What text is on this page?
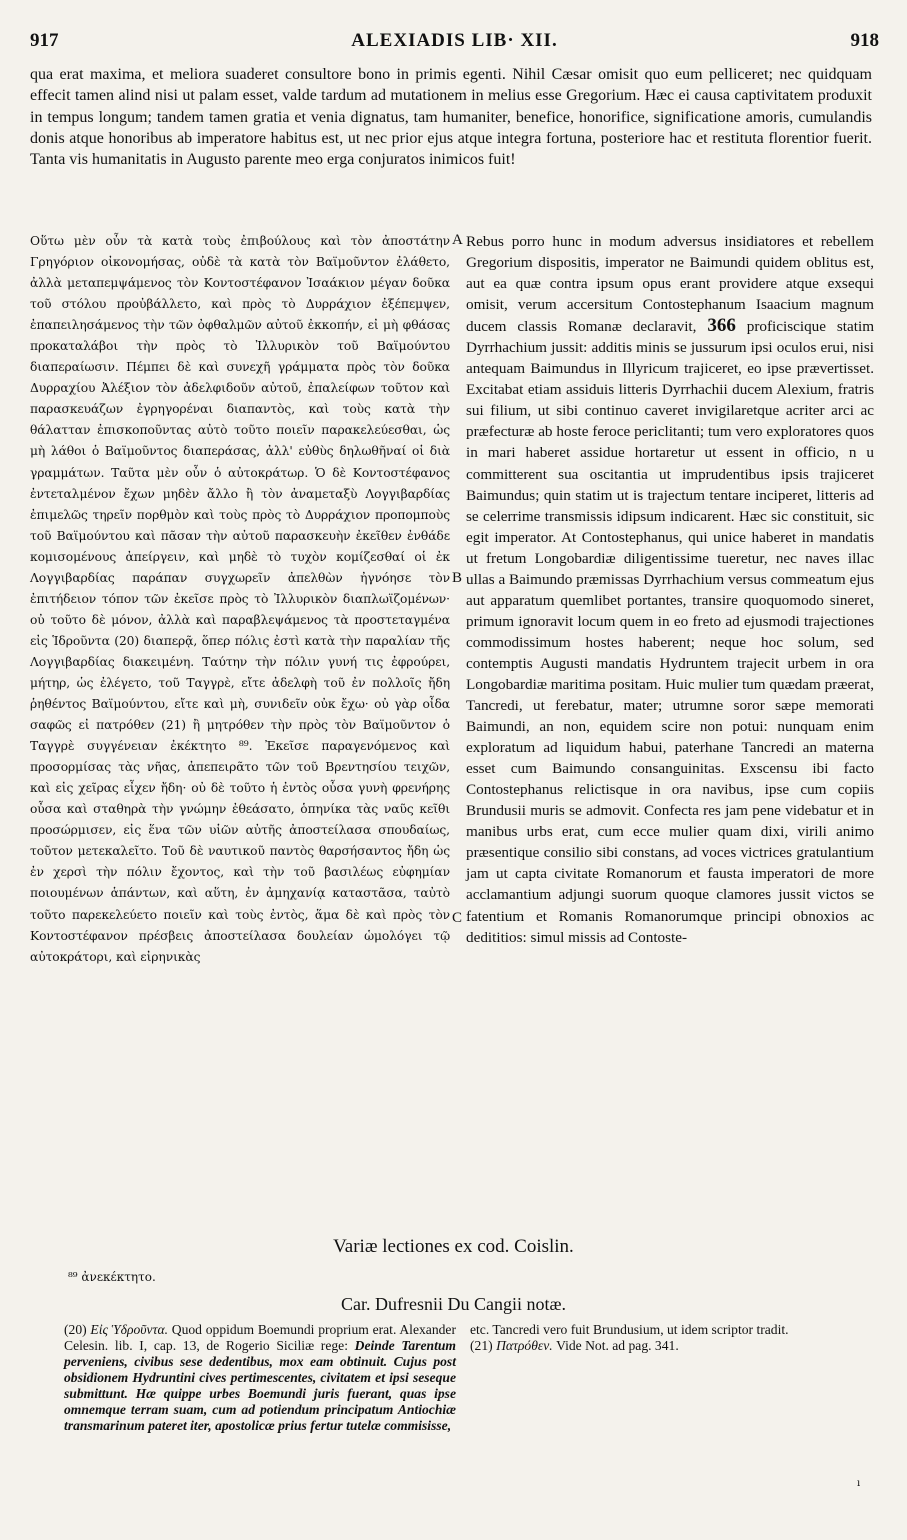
917	ALEXIADIS LIB· XII.	918
qua erat maxima, et meliora suaderet consultore bono in primis egenti. Nihil Cæsar omisit quo eum pelliceret; nec quidquam effecit tamen alind nisi ut palam esset, valde tardum ad mutationem in melius esse Gregorium. Hæc ei causa captivitatem produxit in tempus longum; tandem tamen gratia et venia dignatus, tam humaniter, benefice, honorifice, significatione amoris, cumulandis donis atque honoribus ab imperatore habitus est, ut nec prior ejus atque integra fortuna, posteriore hac et restituta florentior fuerit. Tanta vis humanitatis in Augusto parente meo erga conjuratos inimicos fuit!
Οὕτω μὲν οὖν τὰ κατὰ τοὺς ἐπιβούλους καὶ τὸν ἀποστάτην Γρηγόριον οἰκονομήσας, οὐδὲ τὰ κατὰ τὸν Βαϊμοῦντον ἐλάθετο, ἀλλὰ μεταπεμψάμενος τὸν Κοντοστέφανον Ἰσαάκιον μέγαν δοῦκα τοῦ στόλου προὐβάλλετο, καὶ πρὸς τὸ Δυρράχιον ἐξέπεμψεν, ἐπαπειλησάμενος τὴν τῶν ὀφθαλμῶν αὐτοῦ ἐκκοπήν, εἰ μὴ φθάσας προκαταλάβοι τὴν πρὸς τὸ Ἰλλυρικὸν τοῦ Βαϊμούντου διαπεραίωσιν. Πέμπει δὲ καὶ συνεχῆ γράμματα πρὸς τὸν δοῦκα Δυρραχίου Ἀλέξιον τὸν ἀδελφιδοῦν αὐτοῦ, ἐπαλείφων τοῦτον καὶ παρασκευάζων ἐγρηγορέναι διαπαντὸς, καὶ τοὺς κατὰ τὴν θάλατταν ἐπισκοποῦντας αὐτὸ τοῦτο ποιεῖν παρακελεύεσθαι, ὡς μὴ λάθοι ὁ Βαϊμοῦντος διαπεράσας, ἀλλ' εὐθὺς δηλωθῆναί οἱ διὰ γραμμάτων. Ταῦτα μὲν οὖν ὁ αὐτοκράτωρ. Ὁ δὲ Κοντοστέφανος ἐντεταλμένον ἔχων μηδὲν ἄλλο ἢ τὸν ἀναμεταξὺ Λογγιβαρδίας ἐπιμελῶς τηρεῖν πορθμὸν καὶ τοὺς πρὸς τὸ Δυρράχιον προπομποὺς τοῦ Βαϊμούντου καὶ πᾶσαν τὴν αὐτοῦ παρασκευὴν ἐκεῖθεν ἐνθάδε κομισομένους ἀπείργειν, καὶ μηδὲ τὸ τυχὸν κομίζεσθαί οἱ ἐκ Λογγιβαρδίας παράπαν συγχωρεῖν ἀπελθὼν ἠγνόησε τὸν ἐπιτήδειον τόπον τῶν ἐκεῖσε πρὸς τὸ Ἰλλυρικὸν διαπλωϊζομένων· οὐ τοῦτο δὲ μόνον, ἀλλὰ καὶ παραβλεψάμενος τὰ προστεταγμένα εἰς Ἱδροῦντα (20) διαπερᾷ, ὅπερ πόλις ἐστὶ κατὰ τὴν παραλίαν τῆς Λογγιβαρδίας διακειμένη. Ταύτην τὴν πόλιν γυνή τις ἐφρούρει, μήτηρ, ὡς ἐλέγετο, τοῦ Ταγγρὲ, εἴτε ἀδελφὴ τοῦ ἐν πολλοῖς ἤδη ῥηθέντος Βαϊμούντου, εἴτε καὶ μὴ, συνιδεῖν οὐκ ἔχω· οὐ γὰρ οἶδα σαφῶς εἰ πατρόθεν (21) ἢ μητρόθεν τὴν πρὸς τὸν Βαϊμοῦντον ὁ Ταγγρὲ συγγένειαν ἐκέκτητο ⁸⁹. Ἐκεῖσε παραγενόμενος καὶ προσορμίσας τὰς νῆας, ἀπεπειρᾶτο τῶν τοῦ Βρεντησίου τειχῶν, καὶ εἰς χεῖρας εἶχεν ἤδη· οὐ δὲ τοῦτο ἡ ἐντὸς οὖσα γυνὴ φρενήρης οὖσα καὶ σταθηρὰ τὴν γνώμην ἐθεάσατο, ὁπηνίκα τὰς ναῦς κεῖθι προσώρμισεν, εἰς ἕνα τῶν υἱῶν αὐτῆς ἀποστείλασα σπουδαίως, τοῦτον μετεκαλεῖτο. Τοῦ δὲ ναυτικοῦ παντὸς θαρσήσαντος ἤδη ὡς ἐν χερσὶ τὴν πόλιν ἔχοντος, καὶ τὴν τοῦ βασιλέως εὐφημίαν ποιουμένων ἁπάντων, καὶ αὕτη, ἐν ἀμηχανίᾳ καταστᾶσα, ταὐτὸ τοῦτο παρεκελεύετο ποιεῖν καὶ τοὺς ἐντὸς, ἅμα δὲ καὶ πρὸς τὸν Κοντοστέφανον πρέσβεις ἀποστείλασα δουλείαν ὡμολόγει τῷ αὐτοκράτορι, καὶ εἰρηνικὰς
A
B
C
Rebus porro hunc in modum adversus insidiatores et rebellem Gregorium dispositis, imperator ne Baimundi quidem oblitus est, aut ea quæ contra ipsum opus erant providere atque exsequi omisit, verum accersitum Contostephanum Isaacium magnum ducem classis Romanæ declaravit, 366 proficiscique statim Dyrrhachium jussit: additis minis se jussurum ipsi oculos erui, nisi antequam Baimundus in Illyricum trajiceret, eo ipse prævertisset. Excitabat etiam assiduis litteris Dyrrhachii ducem Alexium, fratris sui filium, ut sibi continuo caveret invigilaretque acriter arci ac præfecturæ ab hoste feroce periclitanti; tum vero exploratores quos in mari haberet assidue hortaretur ut essent in officio, n u committerent sua oscitantia ut imprudentibus ipsis trajiceret Baimundus; quin statim ut is trajectum tentare inciperet, litteris ad se celerrime transmissis idipsum indicarent. Hæc sic constituit, sic egit imperator. At Contostephanus, qui unice haberet in mandatis ut fretum Longobardiæ diligentissime tueretur, nec naves illac ullas a Baimundo præmissas Dyrrhachium versus commeatum ejus aut apparatum quemlibet portantes, transire quoquomodo sineret, primum ignoravit locum quem in eo freto ad ejusmodi trajectiones commodissimum hostes haberent; neque hoc solum, sed contemptis Augusti mandatis Hydruntem trajecit urbem in ora Longobardiæ maritima positam. Huic mulier tum quædam præerat, Tancredi, ut ferebatur, mater; utrumne soror sæpe memorati Baimundi, an non, equidem scire non potui: nunquam enim exploratum ad liquidum habui, paterhane Tancredi an materna esset cum Baimundo consanguinitas. Exscensu ibi facto Contostephanus relictisque in ora navibus, ipse cum copiis Brundusii muris se admovit. Confecta res jam pene videbatur et in manibus urbs erat, cum ecce mulier quam dixi, virili animo præsentique consilio sibi constans, ad voces victrices gratulantium jam ut capta civitate Romanorum et fausta imperatori de more acclamantium adjungi suorum quoque clamores jussit victos se fatentium et Romanis Romanorumque principi obnoxios ac dedititios: simul missis ad Contoste-
Variæ lectiones ex cod. Coislin.
⁸⁹ ἀνεκέκτητο.
Car. Dufresnii Du Cangii notæ.
(20) Εἰς Ὑδροῦντα. Quod oppidum Boemundi proprium erat. Alexander Celesin. lib. I, cap. 13, de Rogerio Siciliæ rege: Deinde Tarentum perveniens, civibus sese dedentibus, mox eam obtinuit. Cujus post obsidionem Hydruntini cives pertimescentes, civitatem et ipsi seseque submittunt. Hæ quippe urbes Boemundi juris fuerant, quas ipse omnemque terram suam, cum ad potiendum principatum Antiochiæ transmarinum pateret iter, apostolicæ prius fertur tutelæ commisisse,
etc. Tancredi vero fuit Brundusium, ut idem scriptor tradit.
(21) Πατρόθεν. Vide Not. ad pag. 341.
ı
